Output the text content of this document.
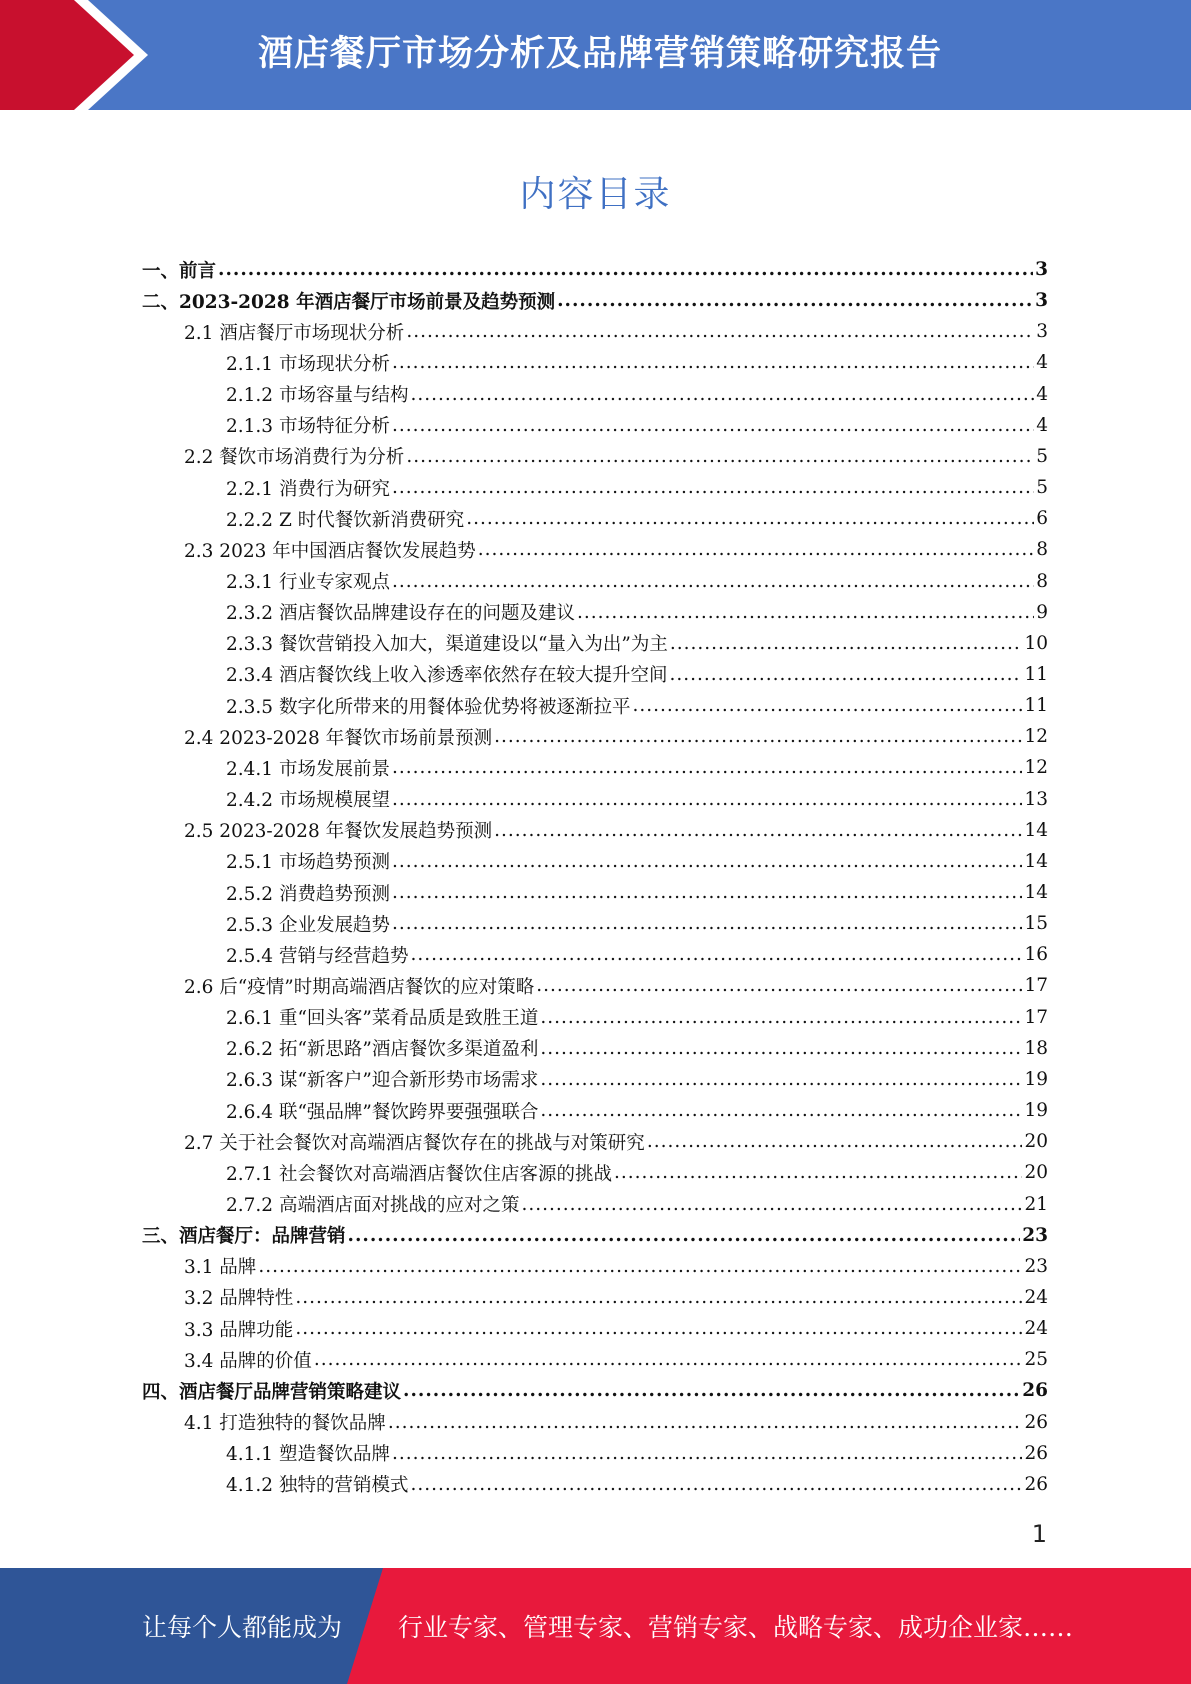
酒店餐厅市场分析及品牌营销策略研究报告
内容目录
一、前言 .....	3
二、2023-2028 年酒店餐厅市场前景及趋势预测 .....	3
2.1 酒店餐厅市场现状分析 .....	3
2.1.1 市场现状分析 .....	4
2.1.2 市场容量与结构 .....	4
2.1.3 市场特征分析 .....	4
2.2 餐饮市场消费行为分析 .....	5
2.2.1 消费行为研究 .....	5
2.2.2 Z 时代餐饮新消费研究 .....	6
2.3 2023 年中国酒店餐饮发展趋势 .....	8
2.3.1 行业专家观点 .....	8
2.3.2 酒店餐饮品牌建设存在的问题及建议 .....	9
2.3.3 餐饮营销投入加大，渠道建设以“量入为出”为主 .....	10
2.3.4 酒店餐饮线上收入渗透率依然存在较大提升空间 .....	11
2.3.5 数字化所带来的用餐体验优势将被逐渐拉平 .....	11
2.4 2023-2028 年餐饮市场前景预测 .....	12
2.4.1 市场发展前景 .....	12
2.4.2 市场规模展望 .....	13
2.5 2023-2028 年餐饮发展趋势预测 .....	14
2.5.1 市场趋势预测 .....	14
2.5.2 消费趋势预测 .....	14
2.5.3 企业发展趋势 .....	15
2.5.4 营销与经营趋势 .....	16
2.6 后“疫情”时期高端酒店餐饮的应对策略 .....	17
2.6.1 重“回头客”菜肴品质是致胜王道 .....	17
2.6.2 拓“新思路”酒店餐饮多渠道盈利 .....	18
2.6.3 谋“新客户”迎合新形势市场需求 .....	19
2.6.4 联“强品牌”餐饮跨界要强强联合 .....	19
2.7 关于社会餐饮对高端酒店餐饮存在的挑战与对策研究 .....	20
2.7.1 社会餐饮对高端酒店餐饮住店客源的挑战 .....	20
2.7.2 高端酒店面对挑战的应对之策 .....	21
三、酒店餐厅：品牌营销 .....	23
3.1 品牌 .....	23
3.2 品牌特性 .....	24
3.3 品牌功能 .....	24
3.4 品牌的价值 .....	25
四、酒店餐厅品牌营销策略建议 .....	26
4.1 打造独特的餐饮品牌 .....	26
4.1.1 塑造餐饮品牌 .....	26
4.1.2 独特的营销模式 .....	26
1
让每个人都能成为 行业专家、管理专家、营销专家、战略专家、成功企业家……
